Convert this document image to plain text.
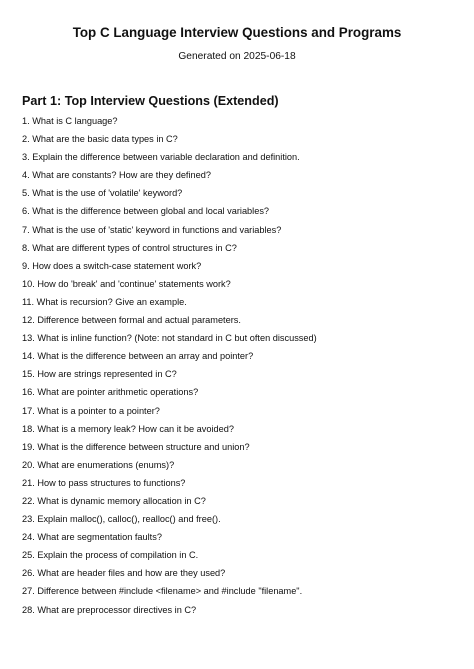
Top C Language Interview Questions and Programs
Generated on 2025-06-18
Part 1: Top Interview Questions (Extended)
1. What is C language?
2. What are the basic data types in C?
3. Explain the difference between variable declaration and definition.
4. What are constants? How are they defined?
5. What is the use of 'volatile' keyword?
6. What is the difference between global and local variables?
7. What is the use of 'static' keyword in functions and variables?
8. What are different types of control structures in C?
9. How does a switch-case statement work?
10. How do 'break' and 'continue' statements work?
11. What is recursion? Give an example.
12. Difference between formal and actual parameters.
13. What is inline function? (Note: not standard in C but often discussed)
14. What is the difference between an array and pointer?
15. How are strings represented in C?
16. What are pointer arithmetic operations?
17. What is a pointer to a pointer?
18. What is a memory leak? How can it be avoided?
19. What is the difference between structure and union?
20. What are enumerations (enums)?
21. How to pass structures to functions?
22. What is dynamic memory allocation in C?
23. Explain malloc(), calloc(), realloc() and free().
24. What are segmentation faults?
25. Explain the process of compilation in C.
26. What are header files and how are they used?
27. Difference between #include <filename> and #include "filename".
28. What are preprocessor directives in C?
